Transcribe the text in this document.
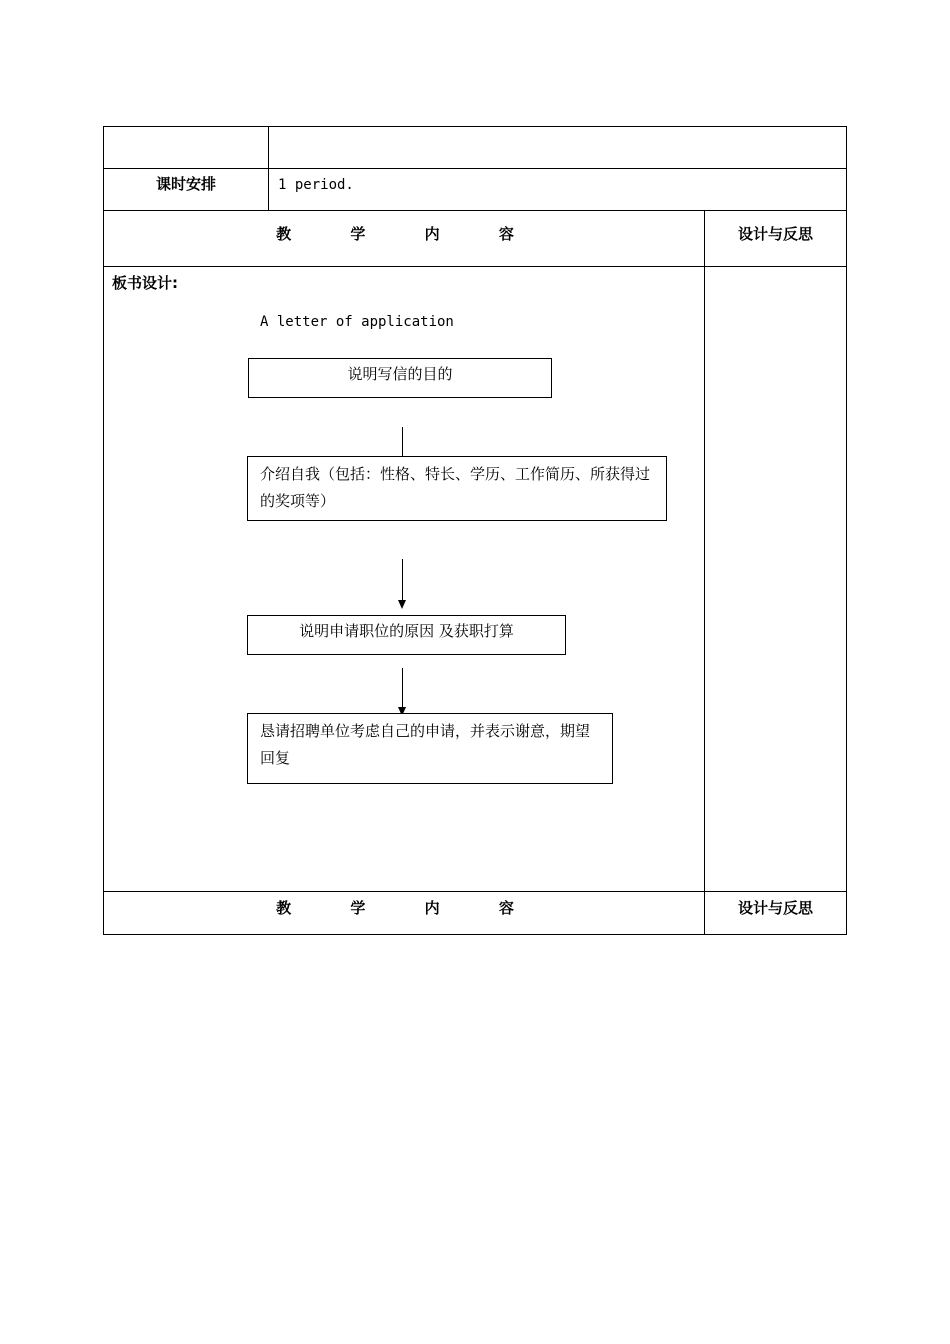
课时安排	1 period.
教 学 内 容	设计与反思
板书设计:
A letter of application
说明写信的目的
介绍自我（包括：性格、特长、学历、工作简历、所获得过的奖项等）
说明申请职位的原因 及获职打算
恳请招聘单位考虑自己的申请，并表示谢意，期望回复
教 学 内 容	设计与反思
